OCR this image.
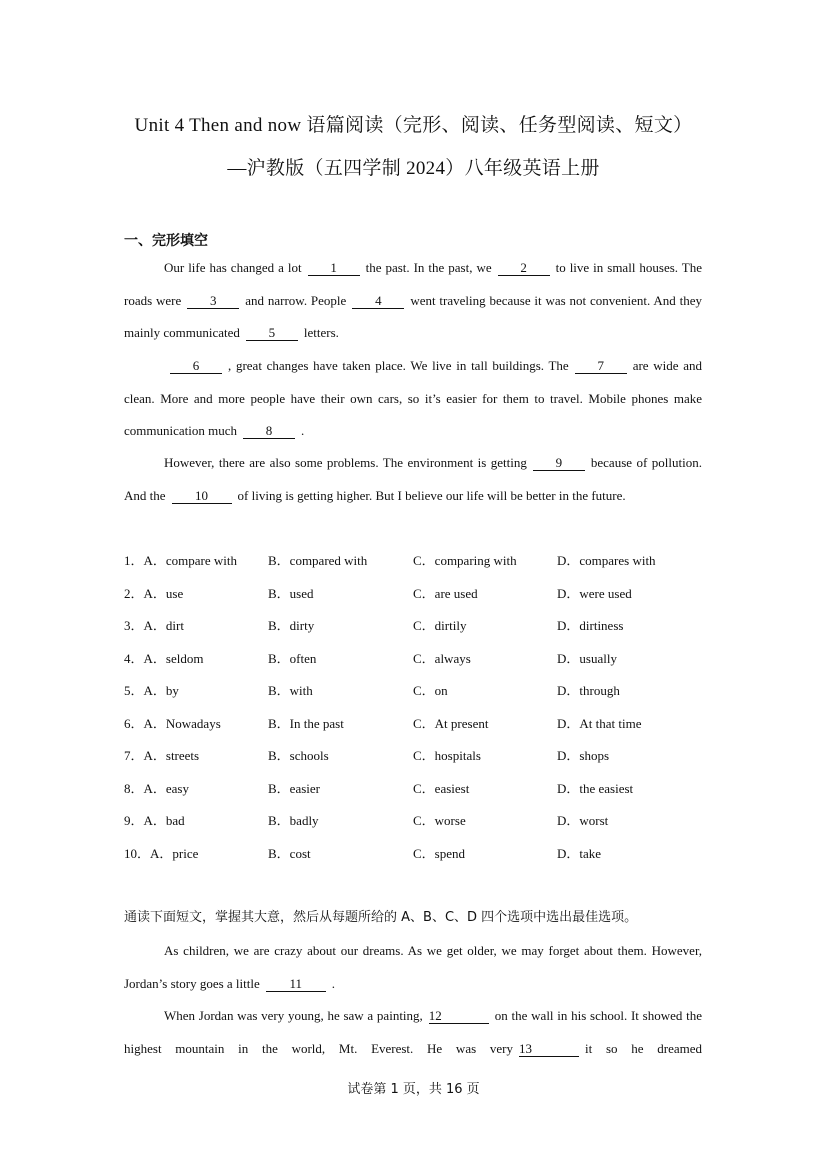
Unit 4 Then and now 语篇阅读（完形、阅读、任务型阅读、短文）
—沪教版（五四学制 2024）八年级英语上册
一、完形填空
Our life has changed a lot 1 the past. In the past, we 2 to live in small houses. The roads were 3 and narrow. People 4 went traveling because it was not convenient. And they mainly communicated 5 letters.
6 , great changes have taken place. We live in tall buildings. The 7 are wide and clean. More and more people have their own cars, so it’s easier for them to travel. Mobile phones make communication much 8 .
However, there are also some problems. The environment is getting 9 because of pollution. And the 10 of living is getting higher. But I believe our life will be better in the future.
1．A．compare with B．compared with	C．comparing with	D．compares with
2．A．use	B．used	C．are used	D．were used
3．A．dirt	B．dirty	C．dirtily	D．dirtiness
4．A．seldom	B．often	C．always	D．usually
5．A．by	B．with	C．on	D．through
6．A．Nowadays	B．In the past	C．At present	D．At that time
7．A．streets	B．schools	C．hospitals	D．shops
8．A．easy	B．easier	C．easiest	D．the easiest
9．A．bad	B．badly	C．worse	D．worst
10．A．price	B．cost	C．spend	D．take
通读下面短文，掌握其大意，然后从每题所给的 A、B、C、D 四个选项中选出最佳选项。
As children, we are crazy about our dreams. As we get older, we may forget about them. However, Jordan’s story goes a little 11 .
When Jordan was very young, he saw a painting, 12	on the wall in his school. It showed the highest mountain in the world, Mt. Everest. He was very 13	it so he dreamed
试卷第 1 页，共 16 页
